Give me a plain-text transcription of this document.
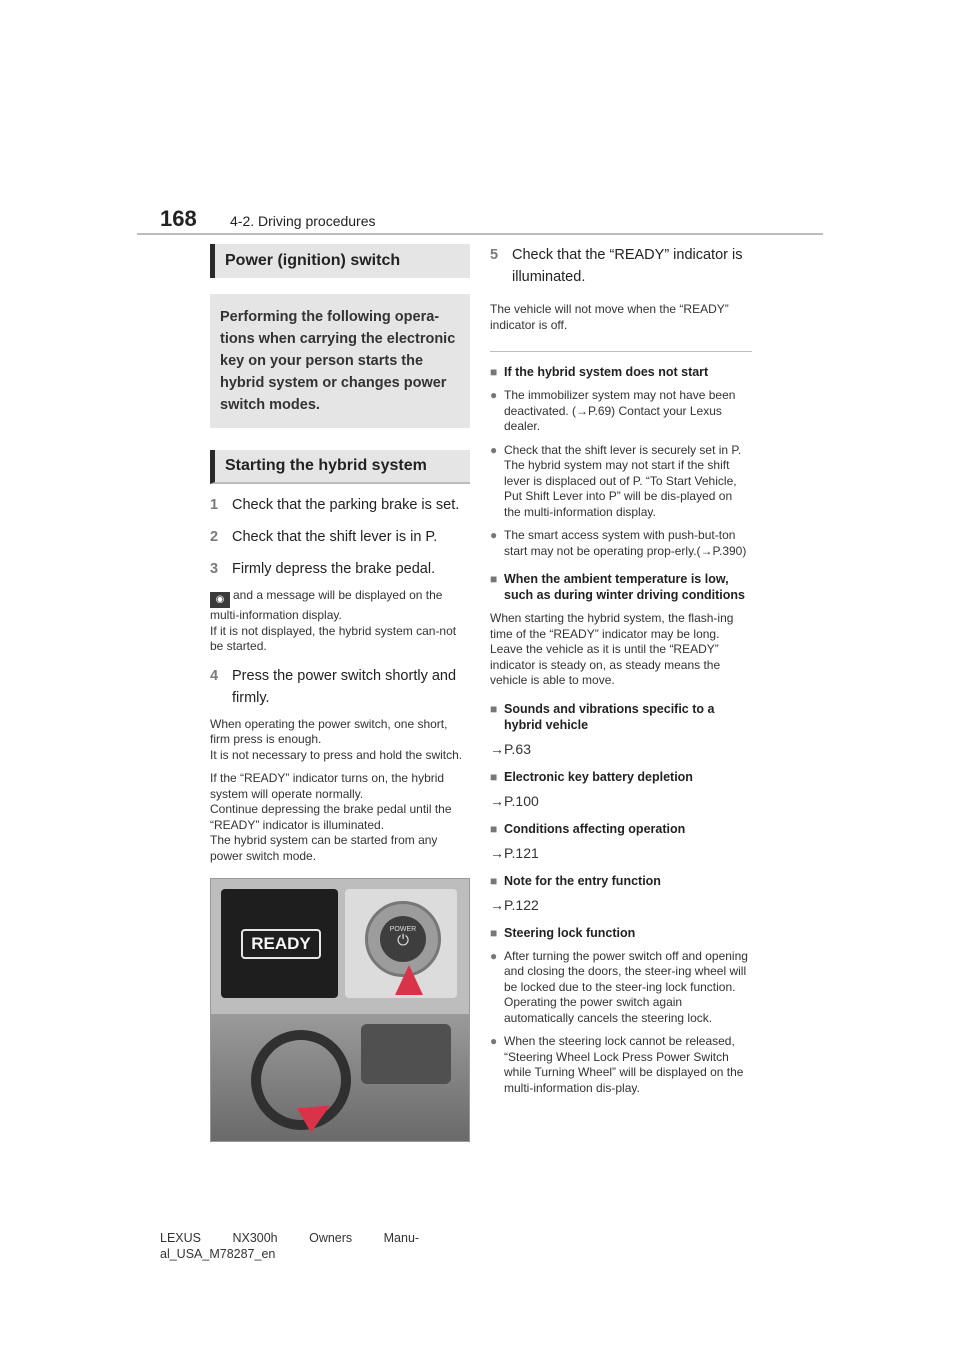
168	4-2. Driving procedures
Power (ignition) switch
Performing the following opera-tions when carrying the electronic key on your person starts the hybrid system or changes power switch modes.
Starting the hybrid system
1 Check that the parking brake is set.
2 Check that the shift lever is in P.
3 Firmly depress the brake pedal.
◉ and a message will be displayed on the multi-information display.
If it is not displayed, the hybrid system can-not be started.
4 Press the power switch shortly and firmly.
When operating the power switch, one short, firm press is enough.
It is not necessary to press and hold the switch.
If the “READY” indicator turns on, the hybrid system will operate normally.
Continue depressing the brake pedal until the “READY” indicator is illuminated.
The hybrid system can be started from any power switch mode.
READY
POWER
⏻
5 Check that the “READY” indicator is illuminated.
The vehicle will not move when the “READY” indicator is off.
■ If the hybrid system does not start
● The immobilizer system may not have been deactivated. (→P.69) Contact your Lexus dealer.
● Check that the shift lever is securely set in P. The hybrid system may not start if the shift lever is displaced out of P. “To Start Vehicle, Put Shift Lever into P” will be dis-played on the multi-information display.
● The smart access system with push-but-ton start may not be operating prop-erly.(→P.390)
■ When the ambient temperature is low, such as during winter driving conditions
When starting the hybrid system, the flash-ing time of the “READY” indicator may be long. Leave the vehicle as it is until the “READY” indicator is steady on, as steady means the vehicle is able to move.
■ Sounds and vibrations specific to a hybrid vehicle
→P.63
■ Electronic key battery depletion
→P.100
■ Conditions affecting operation
→P.121
■ Note for the entry function
→P.122
■ Steering lock function
● After turning the power switch off and opening and closing the doors, the steer-ing wheel will be locked due to the steer-ing lock function. Operating the power switch again automatically cancels the steering lock.
● When the steering lock cannot be released, “Steering Wheel Lock Press Power Switch while Turning Wheel” will be displayed on the multi-information dis-play.
LEXUS NX300h Owners Manu-
al_USA_M78287_en
